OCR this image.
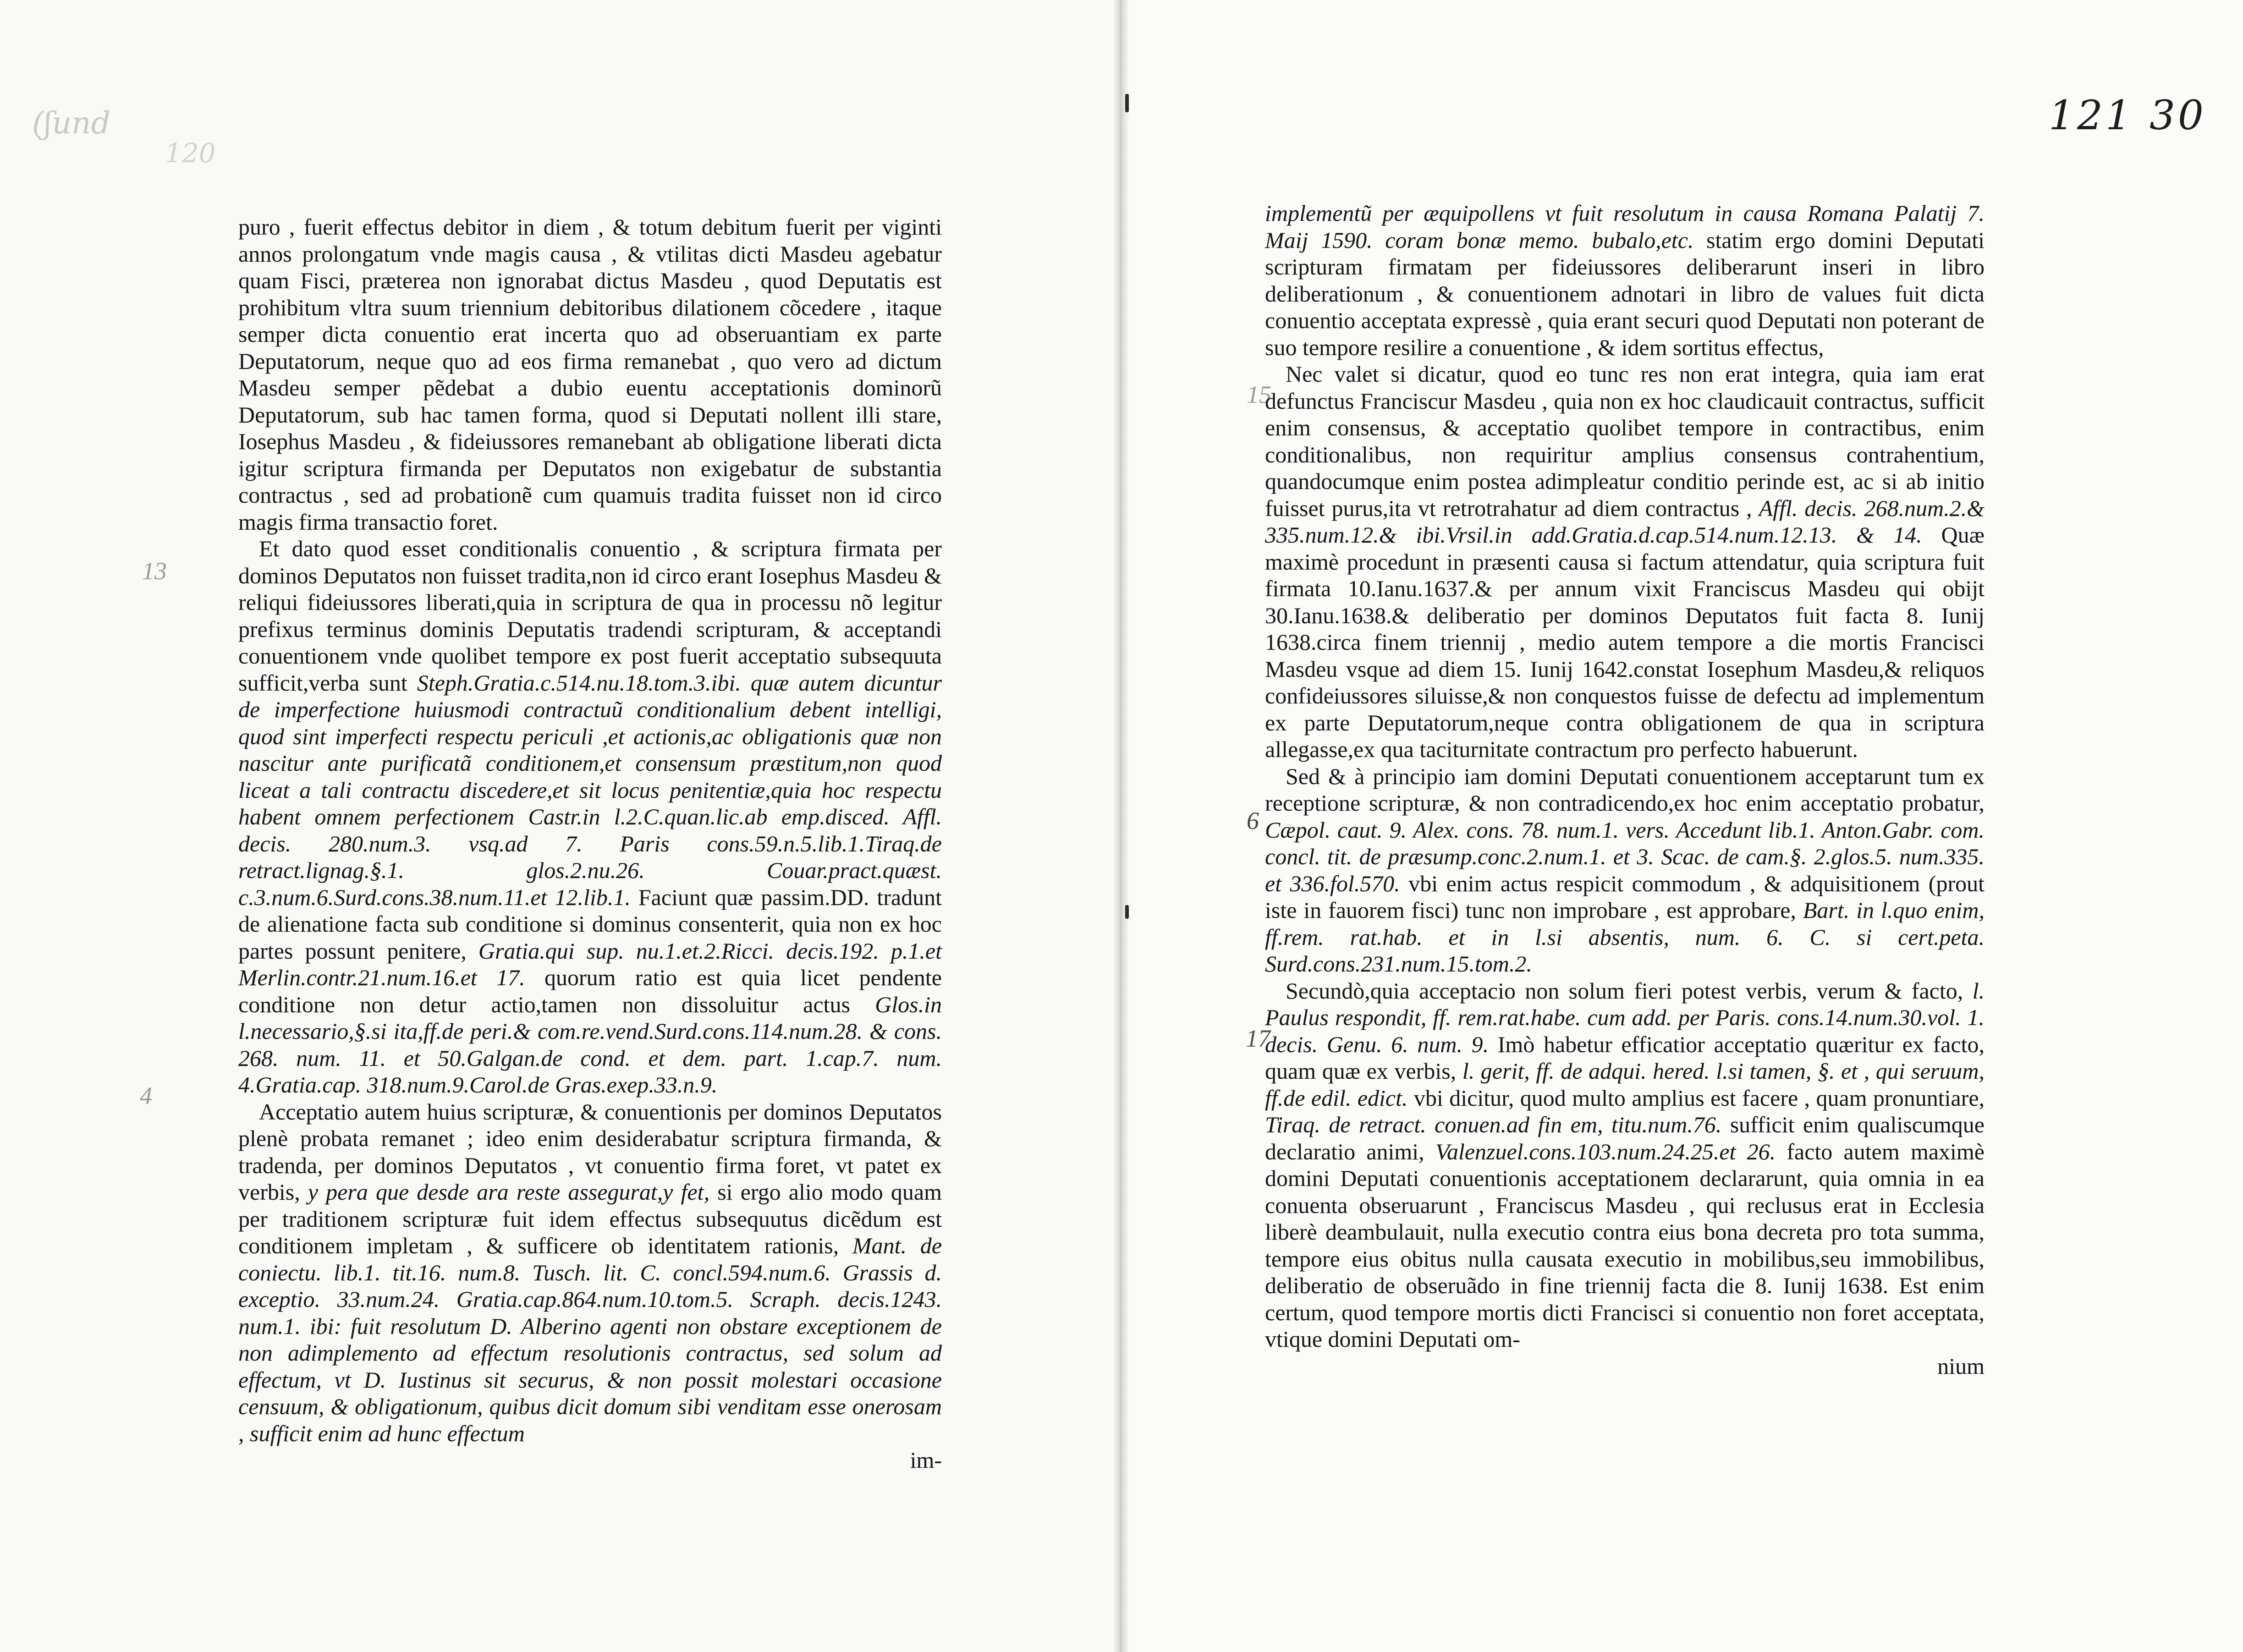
(ʃund
120
121 30
13
4
15
6
17

puro , fuerit effectus debitor in diem , & totum debitum fuerit per viginti annos prolongatum vnde magis causa , & vtilitas dicti Masdeu agebatur quam Fisci, præterea non ignorabat dictus Masdeu , quod Deputatis est prohibitum vltra suum triennium debitoribus dilationem cõcedere , itaque semper dicta conuentio erat incerta quo ad obseruantiam ex parte Deputatorum, neque quo ad eos firma remanebat , quo vero ad dictum Masdeu semper pẽdebat a dubio euentu acceptationis dominorũ Deputatorum, sub hac tamen forma, quod si Deputati nollent illi stare, Iosephus Masdeu , & fideiussores remanebant ab obligatione liberati dicta igitur scriptura firmanda per Deputatos non exigebatur de substantia contractus , sed ad probationẽ cum quamuis tradita fuisset non id circo magis firma transactio foret.

Et dato quod esset conditionalis conuentio , & scriptura firmata per dominos Deputatos non fuisset tradita,non id circo erant Iosephus Masdeu & reliqui fideiussores liberati,quia in scriptura de qua in processu nõ legitur prefixus terminus dominis Deputatis tradendi scripturam, & acceptandi conuentionem vnde quolibet tempore ex post fuerit acceptatio subsequuta sufficit,verba sunt Steph.Gratia.c.514.nu.18.tom.3.ibi. quæ autem dicuntur de imperfectione huiusmodi contractuũ conditionalium debent intelligi, quod sint imperfecti respectu periculi ,et actionis,ac obligationis quæ non nascitur ante purificatã conditionem,et consensum præstitum,non quod liceat a tali contractu discedere,et sit locus penitentiæ,quia hoc respectu habent omnem perfectionem Castr.in l.2.C.quan.lic.ab emp.disced. Affl. decis. 280.num.3. vsq.ad 7. Paris cons.59.n.5.lib.1.Tiraq.de retract.lignag.§.1. glos.2.nu.26. Couar.pract.quæst. c.3.num.6.Surd.cons.38.num.11.et 12.lib.1. Faciunt quæ passim.DD. tradunt de alienatione facta sub conditione si dominus consenterit, quia non ex hoc partes possunt penitere, Gratia.qui sup. nu.1.et.2.Ricci. decis.192. p.1.et Merlin.contr.21.num.16.et 17. quorum ratio est quia licet pendente conditione non detur actio,tamen non dissoluitur actus Glos.in l.necessario,§.si ita,ff.de peri.& com.re.vend.Surd.cons.114.num.28. & cons. 268. num. 11. et 50.Galgan.de cond. et dem. part. 1.cap.7. num. 4.Gratia.cap. 318.num.9.Carol.de Gras.exep.33.n.9.

Acceptatio autem huius scripturæ, & conuentionis per dominos Deputatos plenè probata remanet ; ideo enim desiderabatur scriptura firmanda, & tradenda, per dominos Deputatos , vt conuentio firma foret, vt patet ex verbis, y pera que desde ara reste assegurat,y fet, si ergo alio modo quam per traditionem scripturæ fuit idem effectus subsequutus dicẽdum est conditionem impletam , & sufficere ob identitatem rationis, Mant. de coniectu. lib.1. tit.16. num.8. Tusch. lit. C. concl.594.num.6. Grassis d. exceptio. 33.num.24. Gratia.cap.864.num.10.tom.5. Scraph. decis.1243. num.1. ibi: fuit resolutum D. Alberino agenti non obstare exceptionem de non adimplemento ad effectum resolutionis contractus, sed solum ad effectum, vt D. Iustinus sit securus, & non possit molestari occasione censuum, & obligationum, quibus dicit domum sibi venditam esse onerosam , sufficit enim ad hunc effectum
im-

implementũ per æquipollens vt fuit resolutum in causa Romana Palatij 7. Maij 1590. coram bonæ memo. bubalo,etc. statim ergo domini Deputati scripturam firmatam per fideiussores deliberarunt inseri in libro deliberationum , & conuentionem adnotari in libro de values fuit dicta conuentio acceptata expressè , quia erant securi quod Deputati non poterant de suo tempore resilire a conuentione , & idem sortitus effectus,

Nec valet si dicatur, quod eo tunc res non erat integra, quia iam erat defunctus Franciscur Masdeu , quia non ex hoc claudicauit contractus, sufficit enim consensus, & acceptatio quolibet tempore in contractibus, enim conditionalibus, non requiritur amplius consensus contrahentium, quandocumque enim postea adimpleatur conditio perinde est, ac si ab initio fuisset purus,ita vt retrotrahatur ad diem contractus , Affl. decis. 268.num.2.& 335.num.12.& ibi.Vrsil.in add.Gratia.d.cap.514.num.12.13. & 14. Quæ maximè procedunt in præsenti causa si factum attendatur, quia scriptura fuit firmata 10.Ianu.1637.& per annum vixit Franciscus Masdeu qui obijt 30.Ianu.1638.& deliberatio per dominos Deputatos fuit facta 8. Iunij 1638.circa finem triennij , medio autem tempore a die mortis Francisci Masdeu vsque ad diem 15. Iunij 1642.constat Iosephum Masdeu,& reliquos confideiussores siluisse,& non conquestos fuisse de defectu ad implementum ex parte Deputatorum,neque contra obligationem de qua in scriptura allegasse,ex qua taciturnitate contractum pro perfecto habuerunt.

Sed & à principio iam domini Deputati conuentionem acceptarunt tum ex receptione scripturæ, & non contradicendo,ex hoc enim acceptatio probatur, Cæpol. caut. 9. Alex. cons. 78. num.1. vers. Accedunt lib.1. Anton.Gabr. com. concl. tit. de præsump.conc.2.num.1. et 3. Scac. de cam.§. 2.glos.5. num.335. et 336.fol.570. vbi enim actus respicit commodum , & adquisitionem (prout iste in fauorem fisci) tunc non improbare , est approbare, Bart. in l.quo enim, ff.rem. rat.hab. et in l.si absentis, num. 6. C. si cert.peta. Surd.cons.231.num.15.tom.2.

Secundò,quia acceptacio non solum fieri potest verbis, verum & facto, l. Paulus respondit, ff. rem.rat.habe. cum add. per Paris. cons.14.num.30.vol. 1. decis. Genu. 6. num. 9. Imò habetur efficatior acceptatio quæritur ex facto, quam quæ ex verbis, l. gerit, ff. de adqui. hered. l.si tamen, §. et , qui seruum, ff.de edil. edict. vbi dicitur, quod multo amplius est facere , quam pronuntiare, Tiraq. de retract. conuen.ad fin em, titu.num.76. sufficit enim qualiscumque declaratio animi, Valenzuel.cons.103.num.24.25.et 26. facto autem maximè domini Deputati conuentionis acceptationem declararunt, quia omnia in ea conuenta obseruarunt , Franciscus Masdeu , qui reclusus erat in Ecclesia liberè deambulauit, nulla executio contra eius bona decreta pro tota summa, tempore eius obitus nulla causata executio in mobilibus,seu immobilibus, deliberatio de obseruãdo in fine triennij facta die 8. Iunij 1638. Est enim certum, quod tempore mortis dicti Francisci si conuentio non foret acceptata, vtique domini Deputati om-
nium
